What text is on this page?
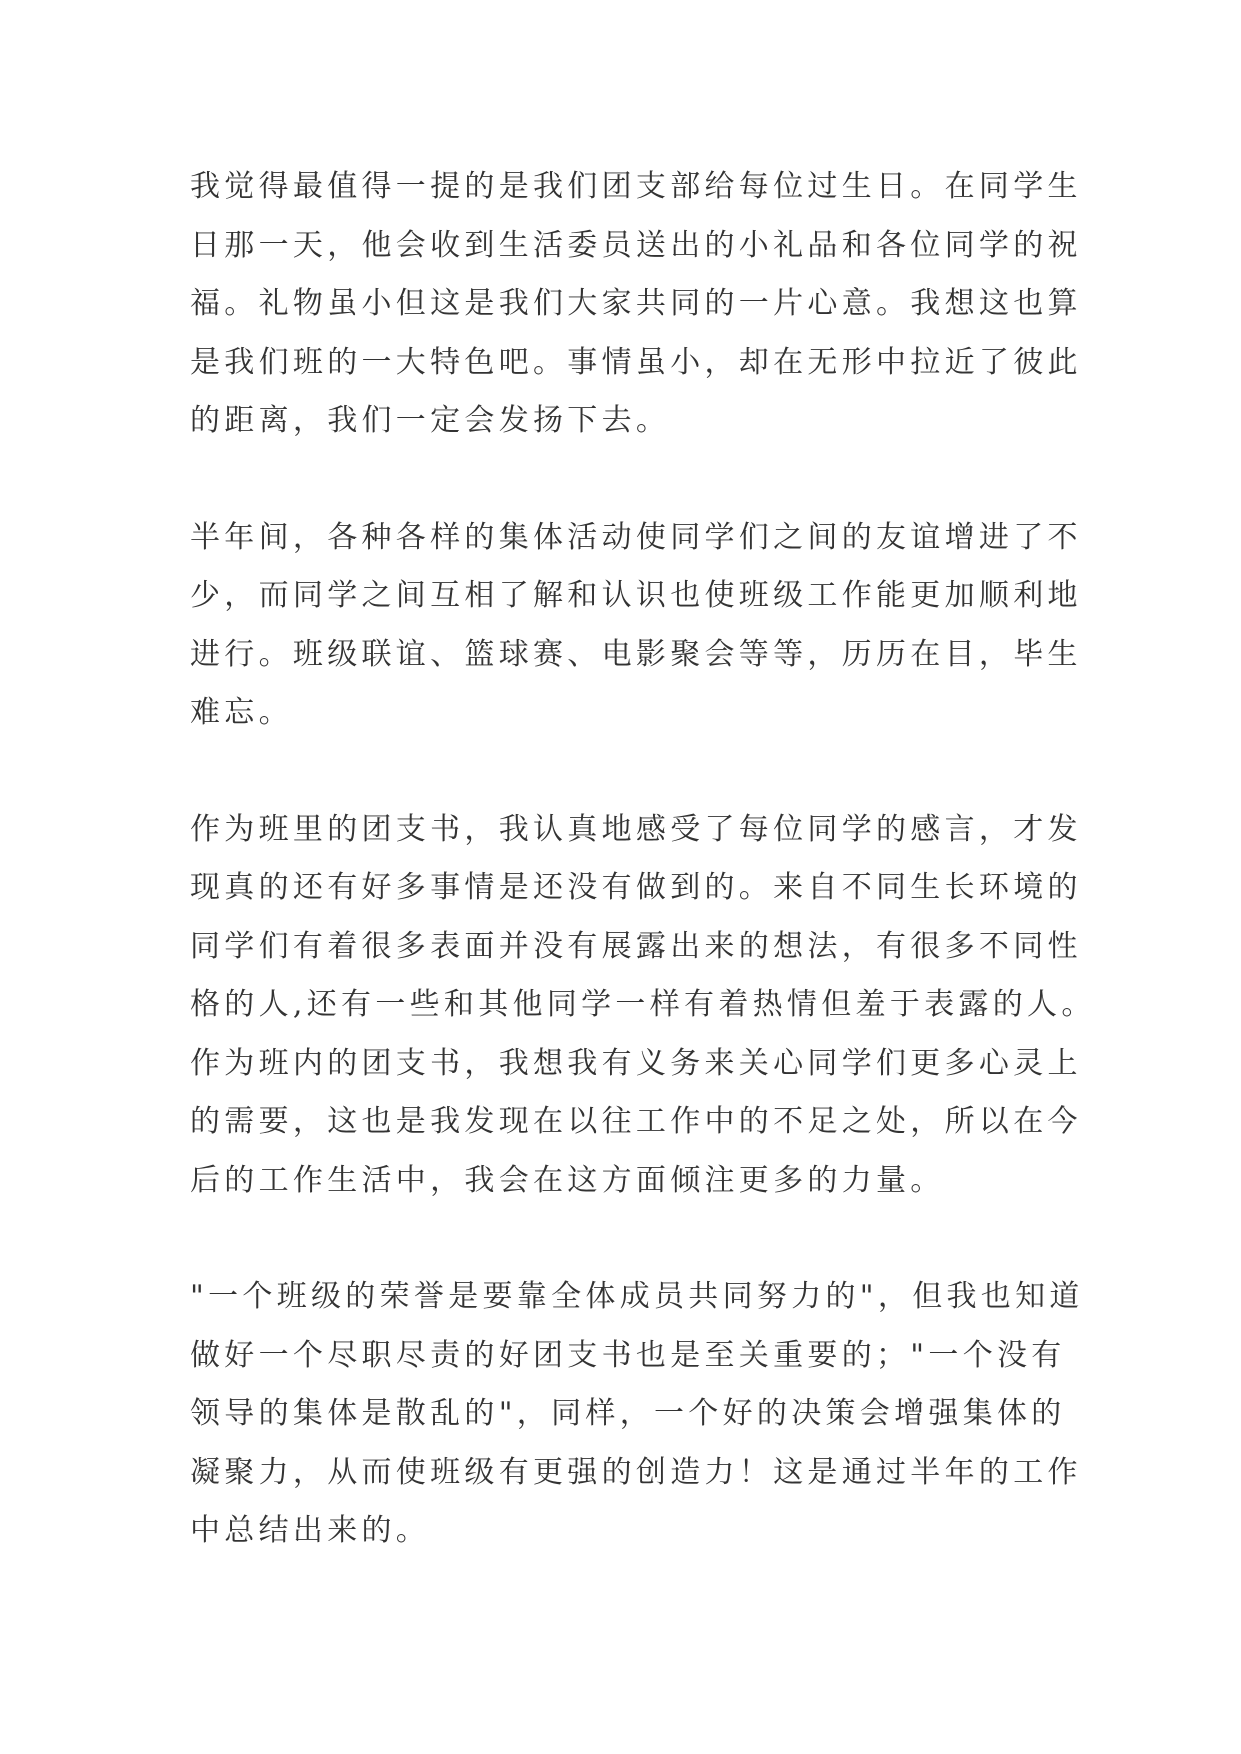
我觉得最值得一提的是我们团支部给每位过生日。在同学生
日那一天，他会收到生活委员送出的小礼品和各位同学的祝
福。礼物虽小但这是我们大家共同的一片心意。我想这也算
是我们班的一大特色吧。事情虽小，却在无形中拉近了彼此
的距离，我们一定会发扬下去。
半年间，各种各样的集体活动使同学们之间的友谊增进了不
少，而同学之间互相了解和认识也使班级工作能更加顺利地
进行。班级联谊、篮球赛、电影聚会等等，历历在目，毕生
难忘。
作为班里的团支书，我认真地感受了每位同学的感言，才发
现真的还有好多事情是还没有做到的。来自不同生长环境的
同学们有着很多表面并没有展露出来的想法，有很多不同性
格的人,还有一些和其他同学一样有着热情但羞于表露的人。
作为班内的团支书，我想我有义务来关心同学们更多心灵上
的需要，这也是我发现在以往工作中的不足之处，所以在今
后的工作生活中，我会在这方面倾注更多的力量。
"一个班级的荣誉是要靠全体成员共同努力的"，但我也知道
做好一个尽职尽责的好团支书也是至关重要的；"一个没有
领导的集体是散乱的"，同样，一个好的决策会增强集体的
凝聚力，从而使班级有更强的创造力！这是通过半年的工作
中总结出来的。
